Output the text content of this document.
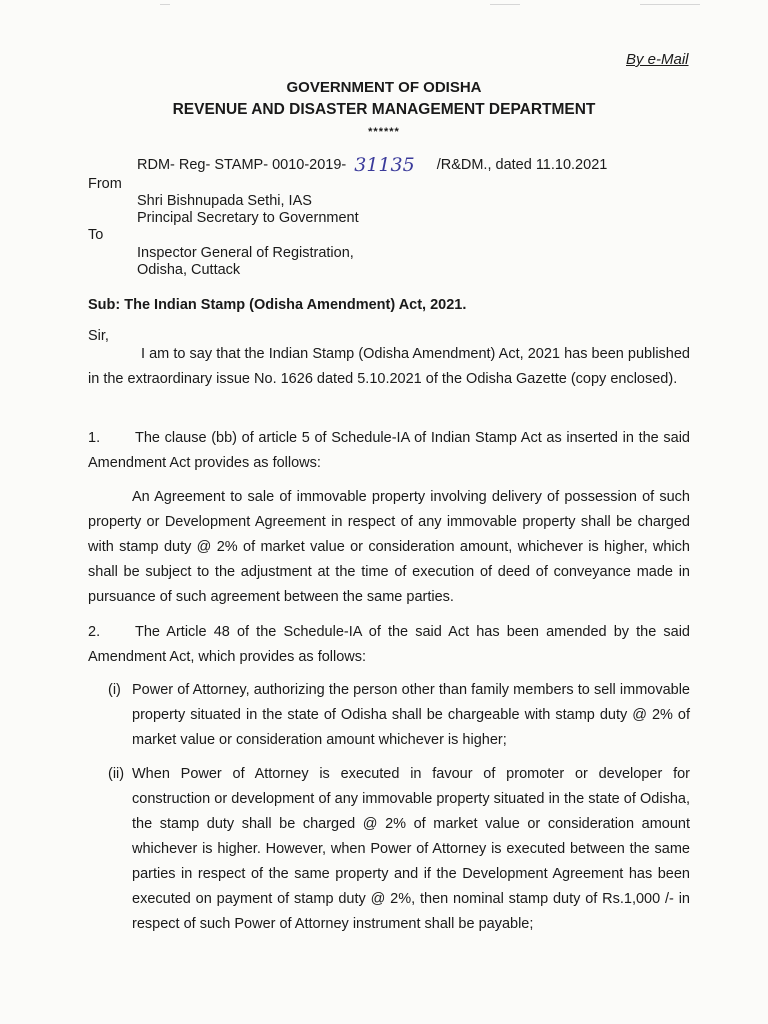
By e-Mail
GOVERNMENT OF ODISHA
REVENUE AND DISASTER MANAGEMENT DEPARTMENT
******
RDM- Reg- STAMP- 0010-2019- 31135 /R&DM., dated 11.10.2021
From
Shri Bishnupada Sethi, IAS
Principal Secretary to Government
To
Inspector General of Registration,
Odisha, Cuttack
Sub: The Indian Stamp (Odisha Amendment) Act, 2021.
Sir,
I am to say that the Indian Stamp (Odisha Amendment) Act, 2021 has been published in the extraordinary issue No. 1626 dated 5.10.2021 of the Odisha Gazette (copy enclosed).
1. The clause (bb) of article 5 of Schedule-IA of Indian Stamp Act as inserted in the said Amendment Act provides as follows:
An Agreement to sale of immovable property involving delivery of possession of such property or Development Agreement in respect of any immovable property shall be charged with stamp duty @ 2% of market value or consideration amount, whichever is higher, which shall be subject to the adjustment at the time of execution of deed of conveyance made in pursuance of such agreement between the same parties.
2. The Article 48 of the Schedule-IA of the said Act has been amended by the said Amendment Act, which provides as follows:
(i) Power of Attorney, authorizing the person other than family members to sell immovable property situated in the state of Odisha shall be chargeable with stamp duty @ 2% of market value or consideration amount whichever is higher;
(ii) When Power of Attorney is executed in favour of promoter or developer for construction or development of any immovable property situated in the state of Odisha, the stamp duty shall be charged @ 2% of market value or consideration amount whichever is higher. However, when Power of Attorney is executed between the same parties in respect of the same property and if the Development Agreement has been executed on payment of stamp duty @ 2%, then nominal stamp duty of Rs.1,000 /- in respect of such Power of Attorney instrument shall be payable;
